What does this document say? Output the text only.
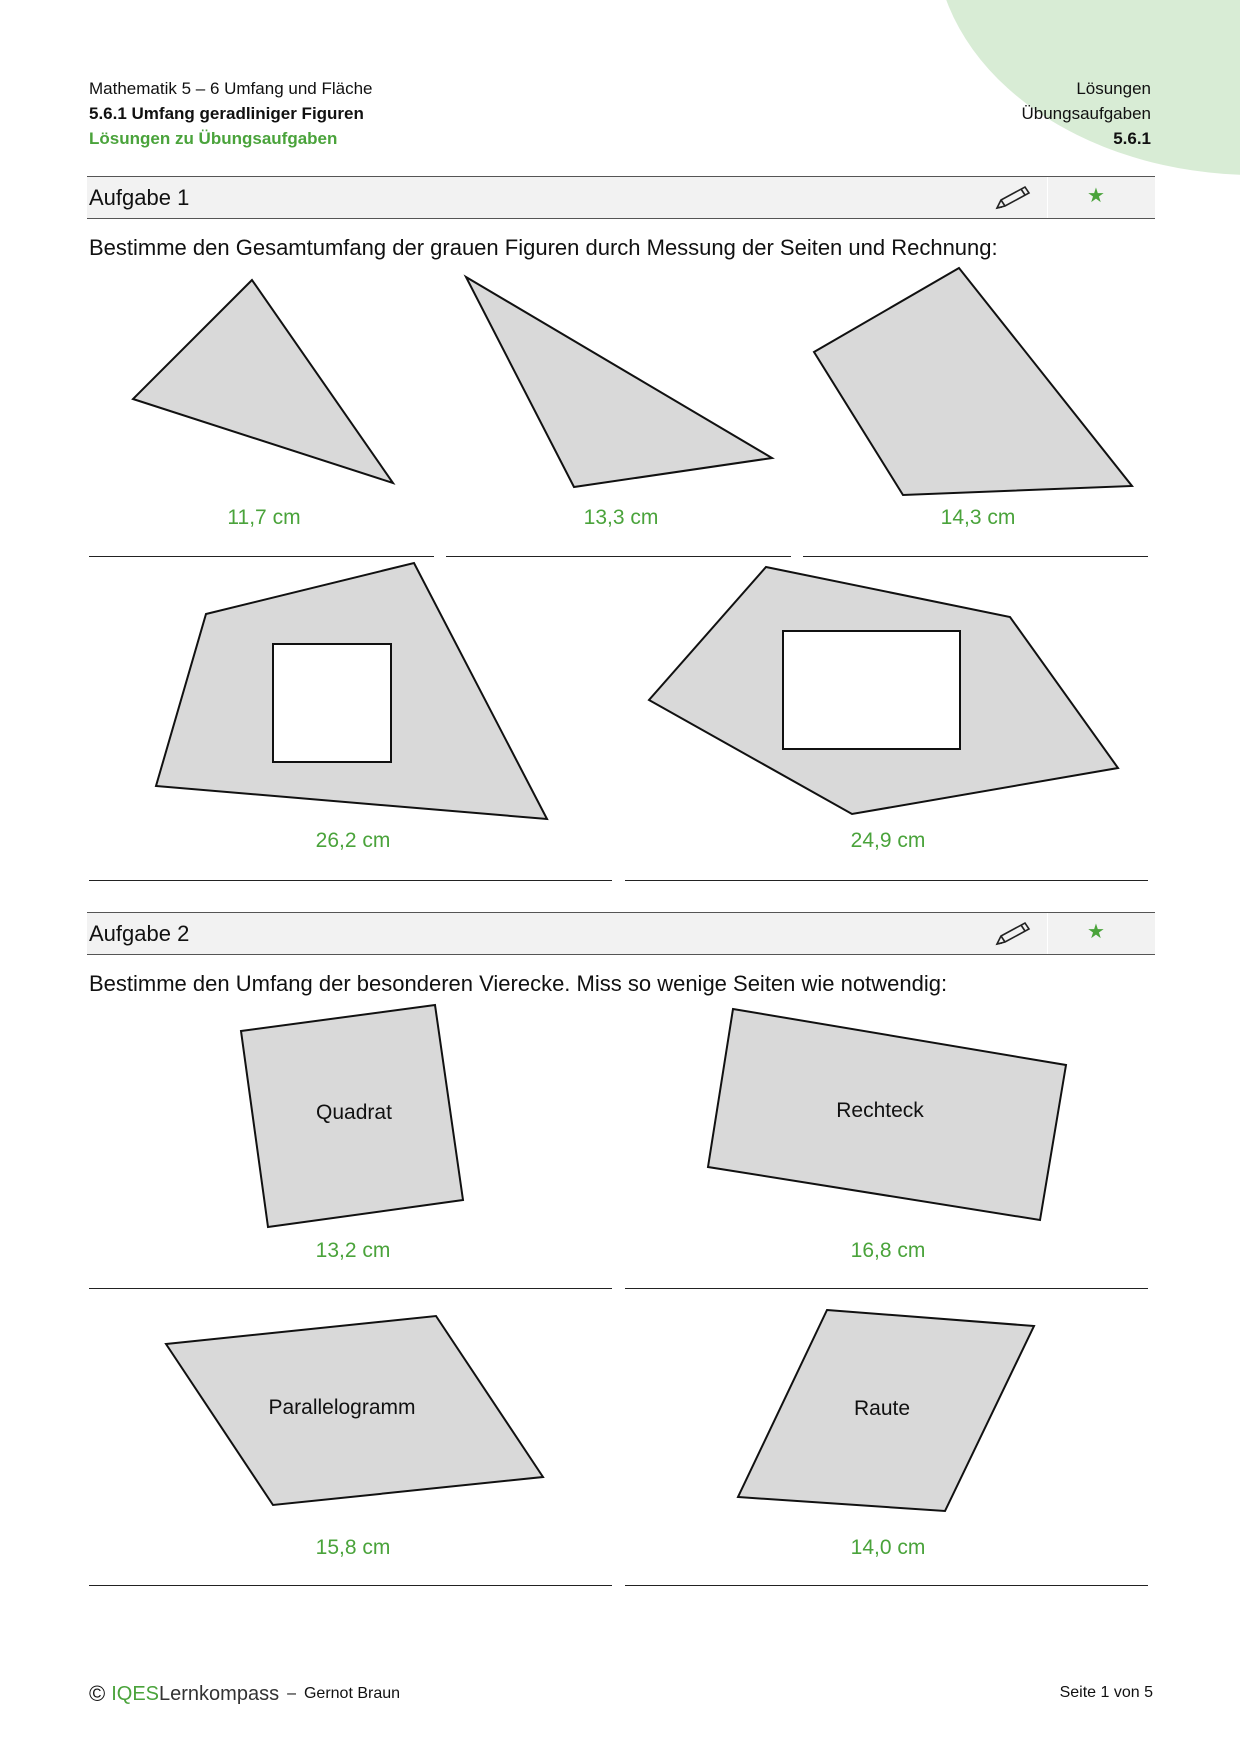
Mathematik 5 – 6 Umfang und Fläche
5.6.1 Umfang geradliniger Figuren
Lösungen zu Übungsaufgaben
Lösungen
Übungsaufgaben
5.6.1
Aufgabe 1	★
Bestimme den Gesamtumfang der grauen Figuren durch Messung der Seiten und Rechnung:
Aufgabe 2	★
Bestimme den Umfang der besonderen Vierecke. Miss so wenige Seiten wie notwendig:
Quadrat	Rechteck
Parallelogramm	Raute
11,7 cm	13,3 cm	14,3 cm
26,2 cm	24,9 cm
13,2 cm	16,8 cm
15,8 cm	14,0 cm
© IQES Lernkompass – Gernot Braun	Seite 1 von 5
